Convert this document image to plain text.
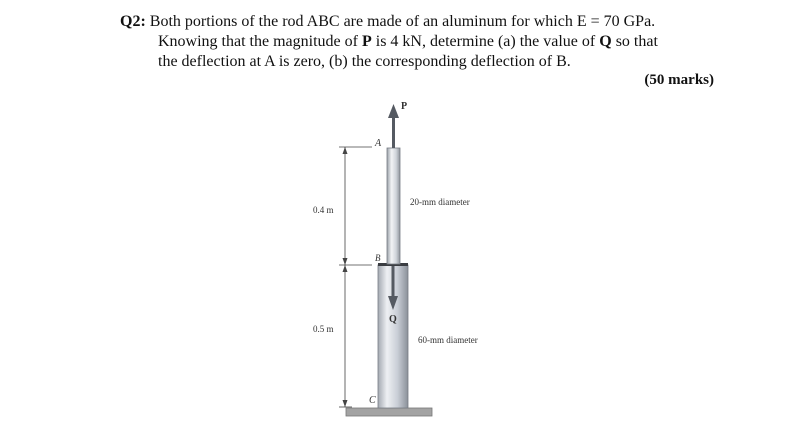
Q2: Both portions of the rod ABC are made of an aluminum for which E = 70 GPa.
Knowing that the magnitude of P is 4 kN, determine (a) the value of Q so that
the deflection at A is zero, (b) the corresponding deflection of B.
(50 marks)
P
A
B
Q
C
0.4 m
0.5 m
20-mm diameter
60-mm diameter
